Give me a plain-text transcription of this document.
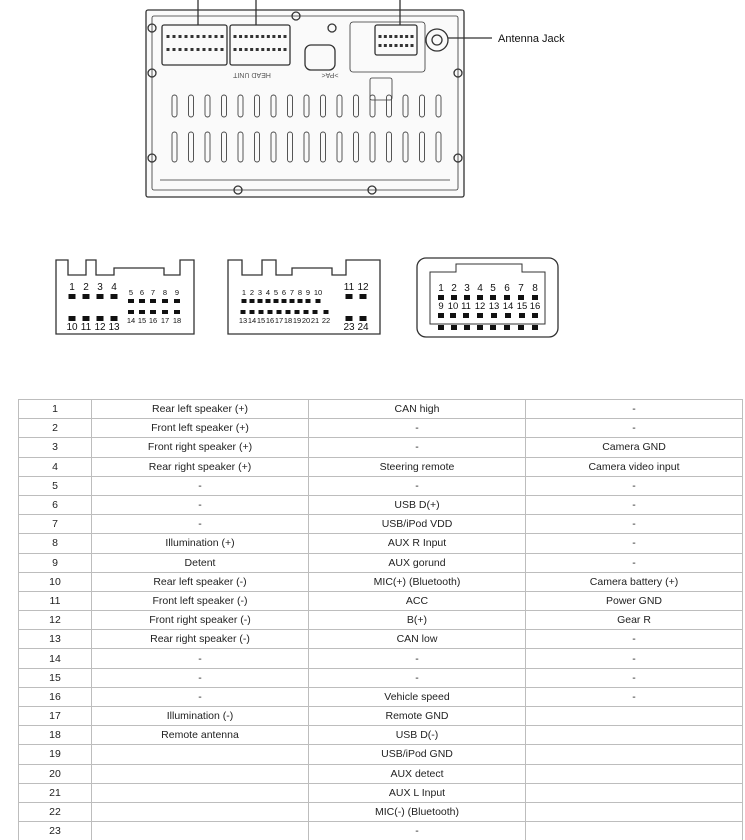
Antenna Jack
HEAD UNIT	>PA<
1 2 3 4 5 6 7 8 9
10 11 12 13
14 15 16 17 18
1 2 3 4 5 6 7 8 9 10 11 12
13 14 15 16 17 18 19 20 21 22
23 24
1 2 3 4 5 6 7 8
9 10 11 12 13 14 15 16
1	Rear left speaker (+)	CAN high	-
2	Front left speaker (+)	-	-
3	Front right speaker (+)	-	Camera GND
4	Rear right speaker (+)	Steering remote	Camera video input
5	-	-	-
6	-	USB D(+)	-
7	-	USB/iPod VDD	-
8	Illumination (+)	AUX R Input	-
9	Detent	AUX gorund	-
10	Rear left speaker (-)	MIC(+) (Bluetooth)	Camera battery (+)
11	Front left speaker (-)	ACC	Power GND
12	Front right speaker (-)	B(+)	Gear R
13	Rear right speaker (-)	CAN low	-
14	-	-	-
15	-	-	-
16	-	Vehicle speed	-
17	Illumination (-)	Remote GND	
18	Remote antenna	USB D(-)	
19		USB/iPod GND	
20		AUX detect	
21		AUX L Input	
22		MIC(-) (Bluetooth)	
23		-	
